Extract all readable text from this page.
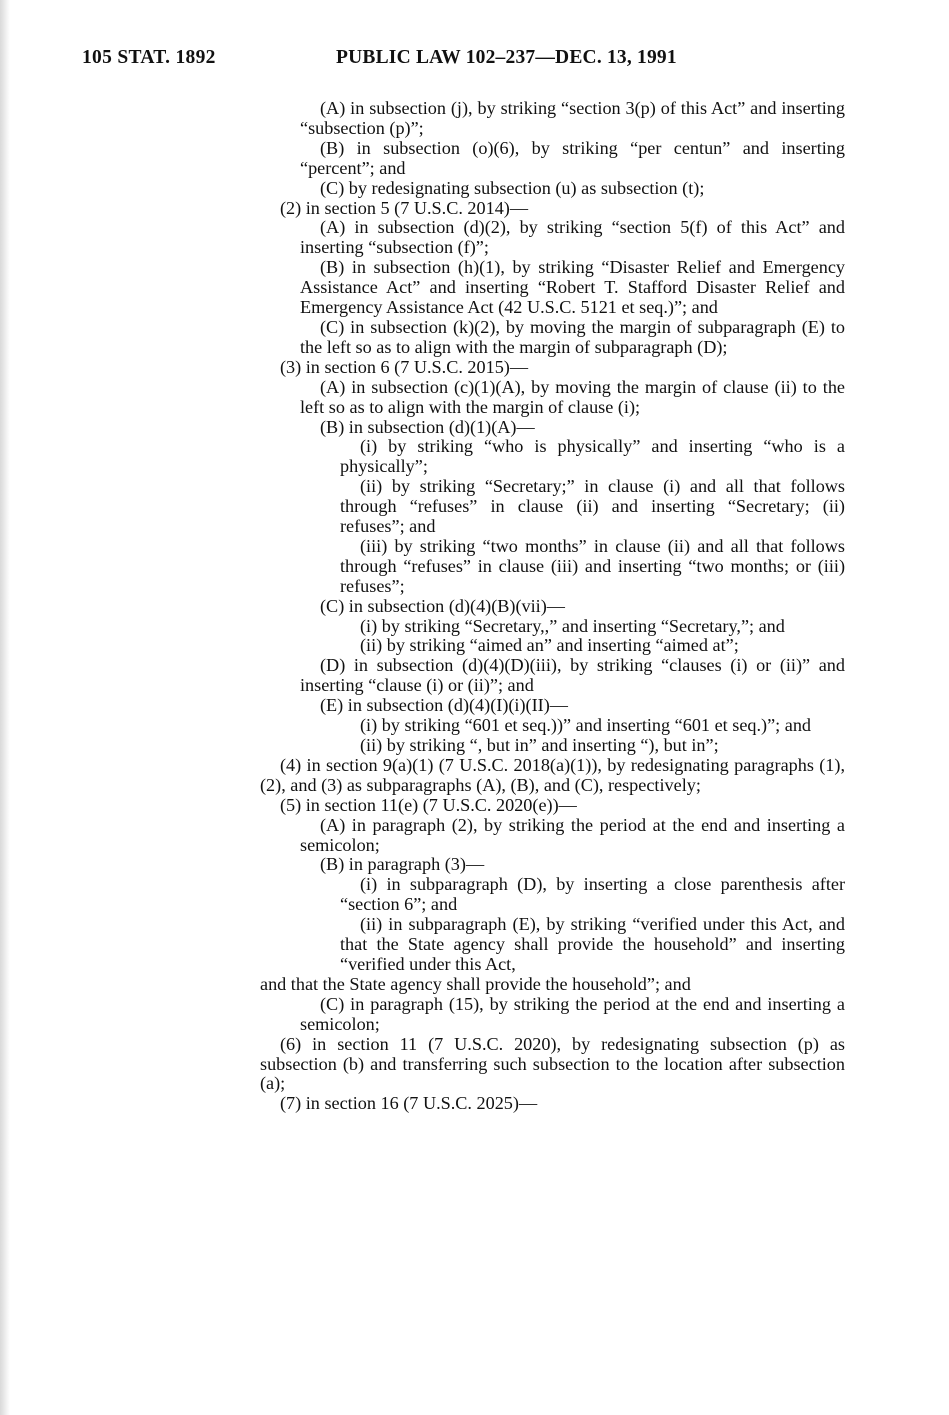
105 STAT. 1892	PUBLIC LAW 102–237—DEC. 13, 1991

(A) in subsection (j), by striking “section 3(p) of this Act” and inserting “subsection (p)”;

(B) in subsection (o)(6), by striking “per centun” and inserting “percent”; and

(C) by redesignating subsection (u) as subsection (t);

(2) in section 5 (7 U.S.C. 2014)—

(A) in subsection (d)(2), by striking “section 5(f) of this Act” and inserting “subsection (f)”;

(B) in subsection (h)(1), by striking “Disaster Relief and Emergency Assistance Act” and inserting “Robert T. Stafford Disaster Relief and Emergency Assistance Act (42 U.S.C. 5121 et seq.)”; and

(C) in subsection (k)(2), by moving the margin of subparagraph (E) to the left so as to align with the margin of subparagraph (D);

(3) in section 6 (7 U.S.C. 2015)—

(A) in subsection (c)(1)(A), by moving the margin of clause (ii) to the left so as to align with the margin of clause (i);

(B) in subsection (d)(1)(A)—

(i) by striking “who is physically” and inserting “who is a physically”;

(ii) by striking “Secretary;” in clause (i) and all that follows through “refuses” in clause (ii) and inserting “Secretary; (ii) refuses”; and

(iii) by striking “two months” in clause (ii) and all that follows through “refuses” in clause (iii) and inserting “two months; or (iii) refuses”;

(C) in subsection (d)(4)(B)(vii)—

(i) by striking “Secretary,,” and inserting “Secretary,”; and

(ii) by striking “aimed an” and inserting “aimed at”;

(D) in subsection (d)(4)(D)(iii), by striking “clauses (i) or (ii)” and inserting “clause (i) or (ii)”; and

(E) in subsection (d)(4)(I)(i)(II)—

(i) by striking “601 et seq.))” and inserting “601 et seq.)”; and

(ii) by striking “, but in” and inserting “), but in”;

(4) in section 9(a)(1) (7 U.S.C. 2018(a)(1)), by redesignating paragraphs (1), (2), and (3) as subparagraphs (A), (B), and (C), respectively;

(5) in section 11(e) (7 U.S.C. 2020(e))—

(A) in paragraph (2), by striking the period at the end and inserting a semicolon;

(B) in paragraph (3)—

(i) in subparagraph (D), by inserting a close parenthesis after “section 6”; and

(ii) in subparagraph (E), by striking “verified under this Act, and that the State agency shall provide the household” and inserting “verified under this Act,

and that the State agency shall provide the household”; and

(C) in paragraph (15), by striking the period at the end and inserting a semicolon;

(6) in section 11 (7 U.S.C. 2020), by redesignating subsection (p) as subsection (b) and transferring such subsection to the location after subsection (a);

(7) in section 16 (7 U.S.C. 2025)—
